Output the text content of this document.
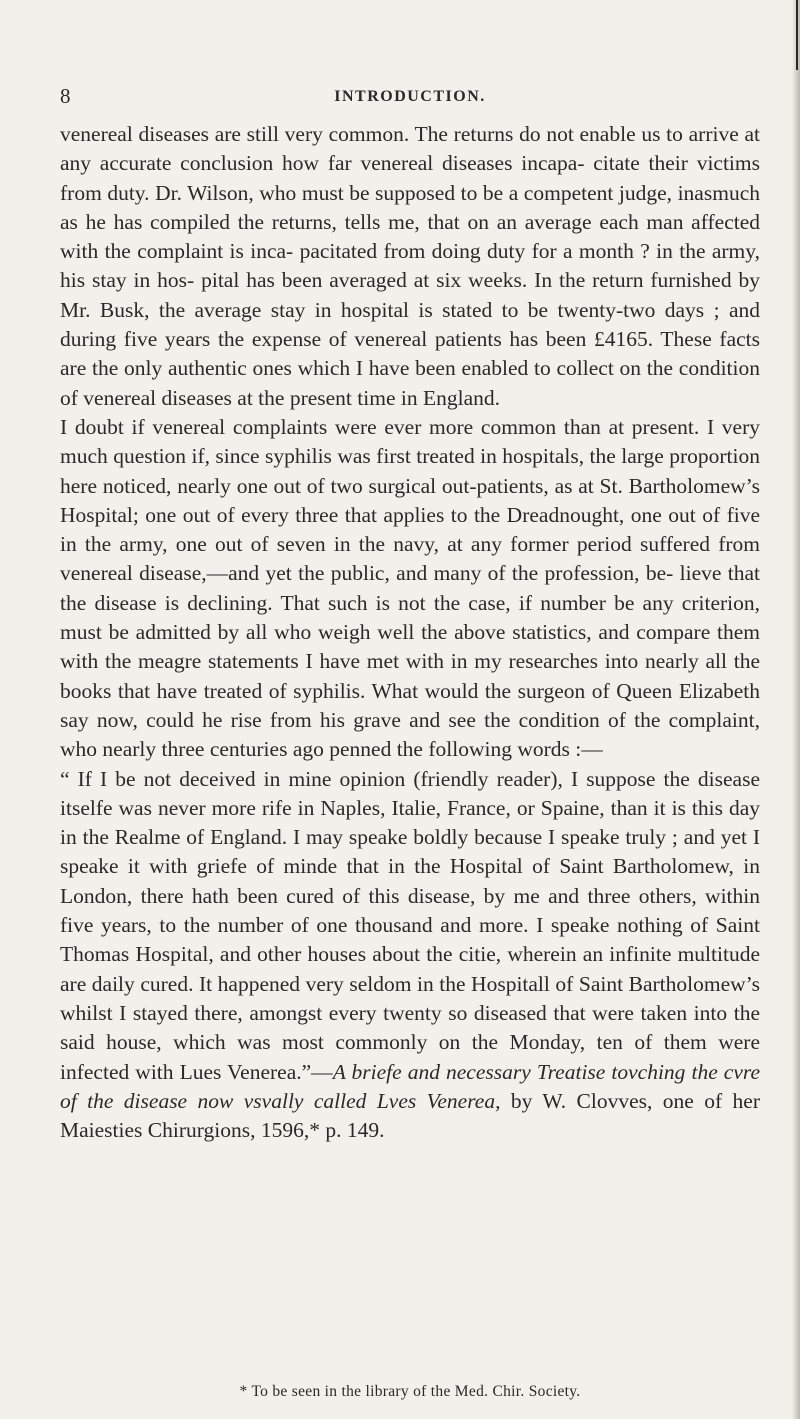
8	INTRODUCTION.

venereal diseases are still very common. The returns do not enable us to arrive at any accurate conclusion how far venereal diseases incapa- citate their victims from duty. Dr. Wilson, who must be supposed to be a competent judge, inasmuch as he has compiled the returns, tells me, that on an average each man affected with the complaint is inca- pacitated from doing duty for a month ? in the army, his stay in hos- pital has been averaged at six weeks. In the return furnished by Mr. Busk, the average stay in hospital is stated to be twenty-two days ; and during five years the expense of venereal patients has been £4165. These facts are the only authentic ones which I have been enabled to collect on the condition of venereal diseases at the present time in England.

I doubt if venereal complaints were ever more common than at present. I very much question if, since syphilis was first treated in hospitals, the large proportion here noticed, nearly one out of two surgical out-patients, as at St. Bartholomew’s Hospital; one out of every three that applies to the Dreadnought, one out of five in the army, one out of seven in the navy, at any former period suffered from venereal disease,—and yet the public, and many of the profession, be- lieve that the disease is declining. That such is not the case, if number be any criterion, must be admitted by all who weigh well the above statistics, and compare them with the meagre statements I have met with in my researches into nearly all the books that have treated of syphilis. What would the surgeon of Queen Elizabeth say now, could he rise from his grave and see the condition of the complaint, who nearly three centuries ago penned the following words :—

“ If I be not deceived in mine opinion (friendly reader), I suppose the disease itselfe was never more rife in Naples, Italie, France, or Spaine, than it is this day in the Realme of England. I may speake boldly because I speake truly ; and yet I speake it with griefe of minde that in the Hospital of Saint Bartholomew, in London, there hath been cured of this disease, by me and three others, within five years, to the number of one thousand and more. I speake nothing of Saint Thomas Hospital, and other houses about the citie, wherein an infinite multitude are daily cured. It happened very seldom in the Hospitall of Saint Bartholomew’s whilst I stayed there, amongst every twenty so diseased that were taken into the said house, which was most commonly on the Monday, ten of them were infected with Lues Venerea.”—A briefe and necessary Treatise tovching the cvre of the disease now vsvally called Lves Venerea, by W. Clovves, one of her Maiesties Chirurgions, 1596,* p. 149.

* To be seen in the library of the Med. Chir. Society.
